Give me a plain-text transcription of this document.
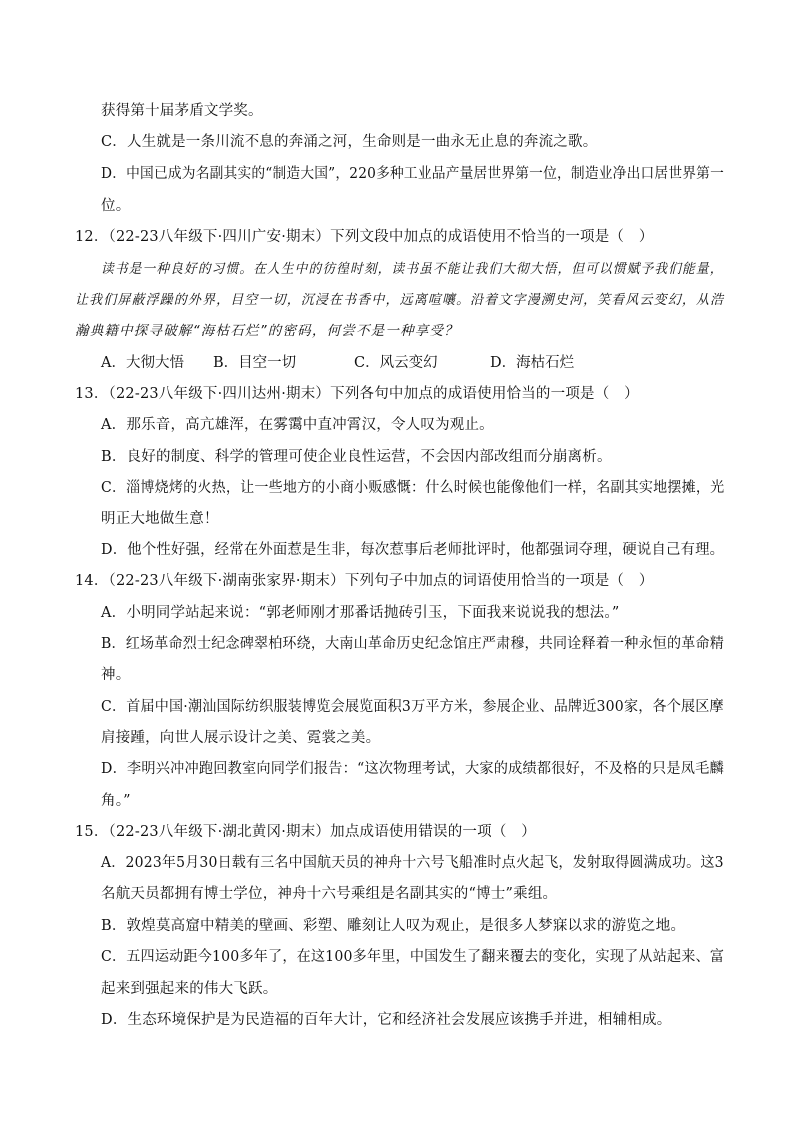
获得第十届茅盾文学奖。
C．人生就是一条川流不息的奔涌之河，生命则是一曲永无止息的奔流之歌。
D．中国已成为名副其实的“制造大国”，220多种工业品产量居世界第一位，制造业净出口居世界第一
位。
12．（22-23八年级下·四川广安·期末）下列文段中加点的成语使用不恰当的一项是（　）
读书是一种良好的习惯。在人生中的彷徨时刻，读书虽不能让我们大彻大悟，但可以惯赋予我们能量，
让我们屏蔽浮躁的外界，目空一切，沉浸在书香中，远离喧嚷。沿着文字漫溯史河，笑看风云变幻，从浩
瀚典籍中探寻破解“海枯石烂”的密码，何尝不是一种享受？
A．大彻大悟 B．目空一切	C．风云变幻	D．海枯石烂
13．（22-23八年级下·四川达州·期末）下列各句中加点的成语使用恰当的一项是（　）
A．那乐音，高亢雄浑，在雾霭中直冲霄汉，令人叹为观止。
B．良好的制度、科学的管理可使企业良性运营，不会因内部改组而分崩离析。
C．淄博烧烤的火热，让一些地方的小商小贩感慨：什么时候也能像他们一样，名副其实地摆摊，光
明正大地做生意！
D．他个性好强，经常在外面惹是生非，每次惹事后老师批评时，他都强词夺理，硬说自己有理。
14．（22-23八年级下·湖南张家界·期末）下列句子中加点的词语使用恰当的一项是（　）
A．小明同学站起来说：“郭老师刚才那番话抛砖引玉，下面我来说说我的想法。”
B．红场革命烈士纪念碑翠柏环绕，大南山革命历史纪念馆庄严肃穆，共同诠释着一种永恒的革命精
神。
C．首届中国·潮汕国际纺织服装博览会展览面积3万平方米，参展企业、品牌近300家，各个展区摩
肩接踵，向世人展示设计之美、霓裳之美。
D．李明兴冲冲跑回教室向同学们报告：“这次物理考试，大家的成绩都很好，不及格的只是凤毛麟
角。”
15．（22-23八年级下·湖北黄冈·期末）加点成语使用错误的一项（　）
A．2023年5月30日载有三名中国航天员的神舟十六号飞船准时点火起飞，发射取得圆满成功。这3
名航天员都拥有博士学位，神舟十六号乘组是名副其实的“博士”乘组。
B．敦煌莫高窟中精美的壁画、彩塑、雕刻让人叹为观止，是很多人梦寐以求的游览之地。
C．五四运动距今100多年了，在这100多年里，中国发生了翻来覆去的变化，实现了从站起来、富
起来到强起来的伟大飞跃。
D．生态环境保护是为民造福的百年大计，它和经济社会发展应该携手并进，相辅相成。
